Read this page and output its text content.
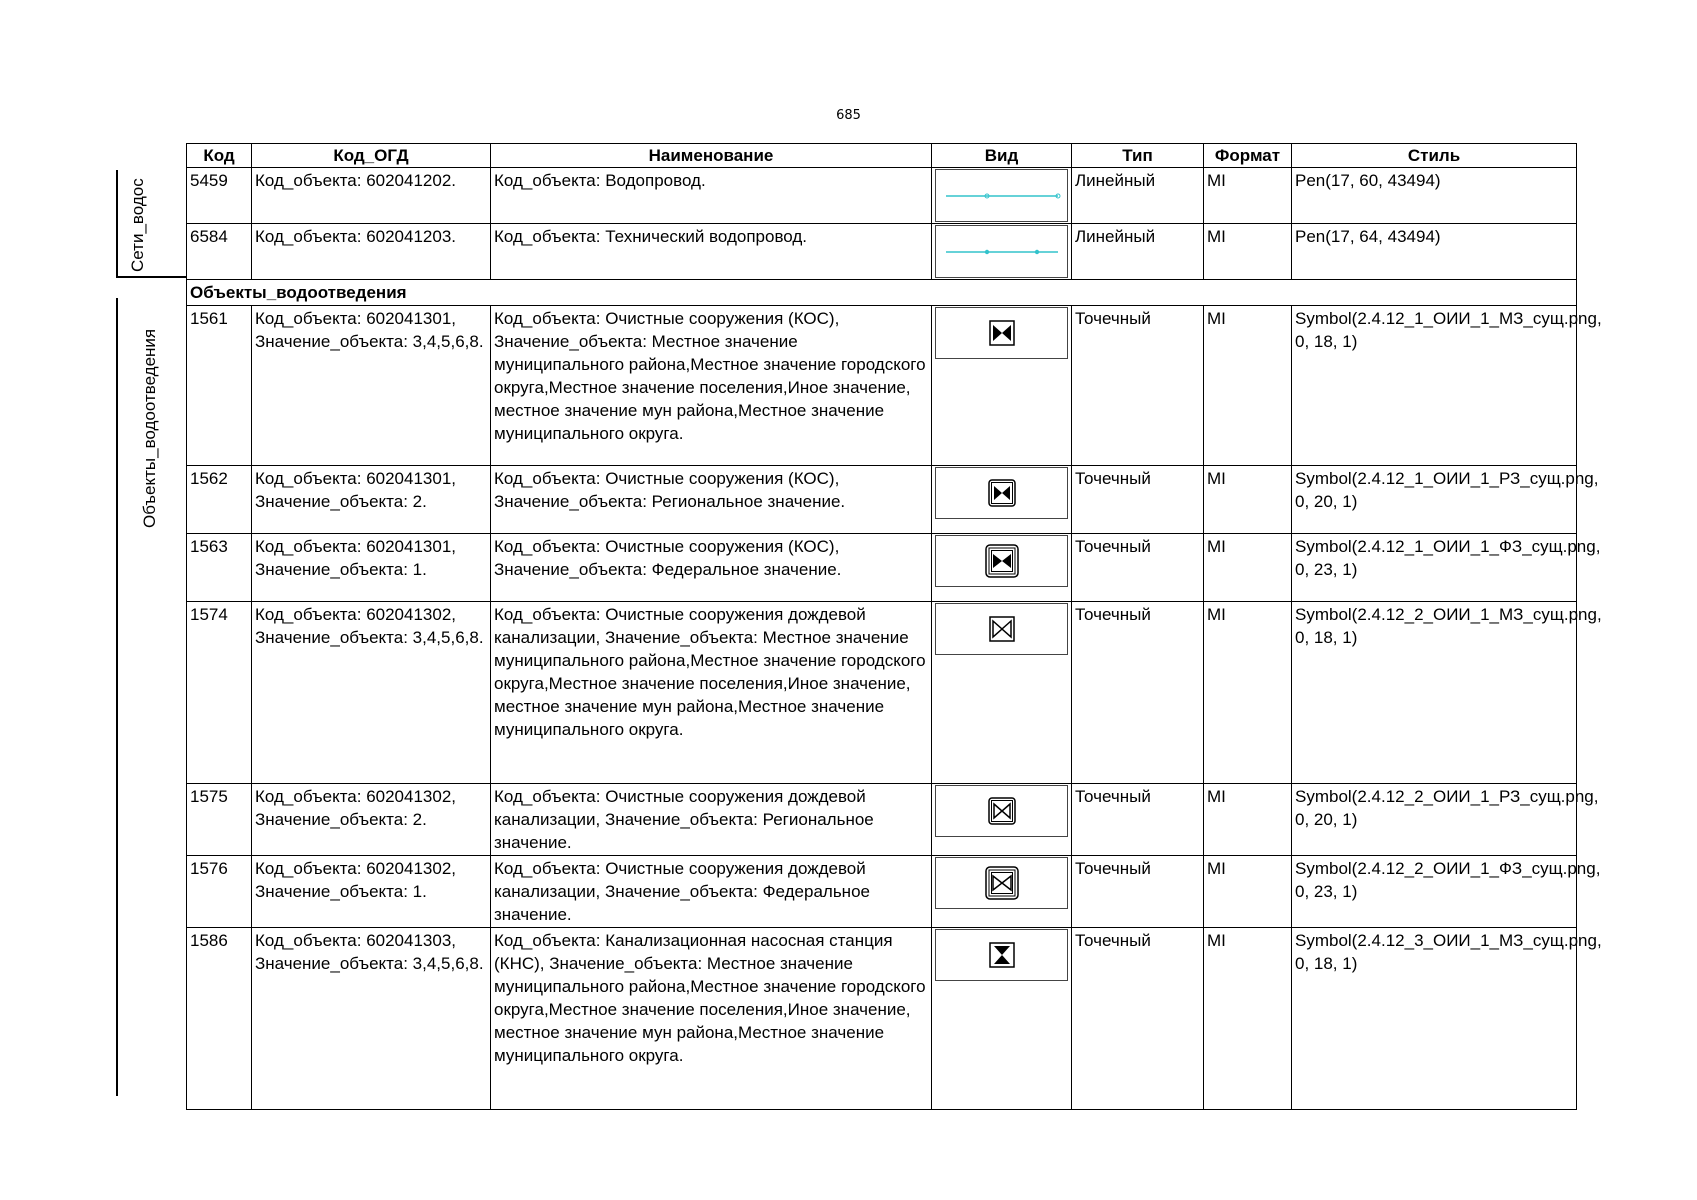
685
Сети_водос
Объекты_водоотведения
Код	Код_ОГД	Наименование	Вид	Тип	Формат	Стиль
5459	Код_объекта: 602041202.	Код_объекта: Водопровод.		Линейный	MI	Pen(17, 60, 43494)
6584	Код_объекта: 602041203.	Код_объекта: Технический водопровод.		Линейный	MI	Pen(17, 64, 43494)
Объекты_водоотведения						
1561	Код_объекта: 602041301, Значение_объекта: 3,4,5,6,8.	Код_объекта: Очистные сооружения (КОС), Значение_объекта: Местное значение муниципального района,Местное значение городского округа,Местное значение поселения,Иное значение, местное значение мун района,Местное значение муниципального округа.		Точечный	MI	Symbol(2.4.12_1_ОИИ_1_МЗ_сущ.png, 0, 18, 1)
1562	Код_объекта: 602041301, Значение_объекта: 2.	Код_объекта: Очистные сооружения (КОС), Значение_объекта: Региональное значение.		Точечный	MI	Symbol(2.4.12_1_ОИИ_1_РЗ_сущ.png, 0, 20, 1)
1563	Код_объекта: 602041301, Значение_объекта: 1.	Код_объекта: Очистные сооружения (КОС), Значение_объекта: Федеральное значение.		Точечный	MI	Symbol(2.4.12_1_ОИИ_1_ФЗ_сущ.png, 0, 23, 1)
1574	Код_объекта: 602041302, Значение_объекта: 3,4,5,6,8.	Код_объекта: Очистные сооружения дождевой канализации, Значение_объекта: Местное значение муниципального района,Местное значение городского округа,Местное значение поселения,Иное значение, местное значение мун района,Местное значение муниципального округа.		Точечный	MI	Symbol(2.4.12_2_ОИИ_1_МЗ_сущ.png, 0, 18, 1)
1575	Код_объекта: 602041302, Значение_объекта: 2.	Код_объекта: Очистные сооружения дождевой канализации, Значение_объекта: Региональное значение.		Точечный	MI	Symbol(2.4.12_2_ОИИ_1_РЗ_сущ.png, 0, 20, 1)
1576	Код_объекта: 602041302, Значение_объекта: 1.	Код_объекта: Очистные сооружения дождевой канализации, Значение_объекта: Федеральное значение.		Точечный	MI	Symbol(2.4.12_2_ОИИ_1_ФЗ_сущ.png, 0, 23, 1)
1586	Код_объекта: 602041303, Значение_объекта: 3,4,5,6,8.	Код_объекта: Канализационная насосная станция (КНС), Значение_объекта: Местное значение муниципального района,Местное значение городского округа,Местное значение поселения,Иное значение, местное значение мун района,Местное значение муниципального округа.		Точечный	MI	Symbol(2.4.12_3_ОИИ_1_МЗ_сущ.png, 0, 18, 1)
